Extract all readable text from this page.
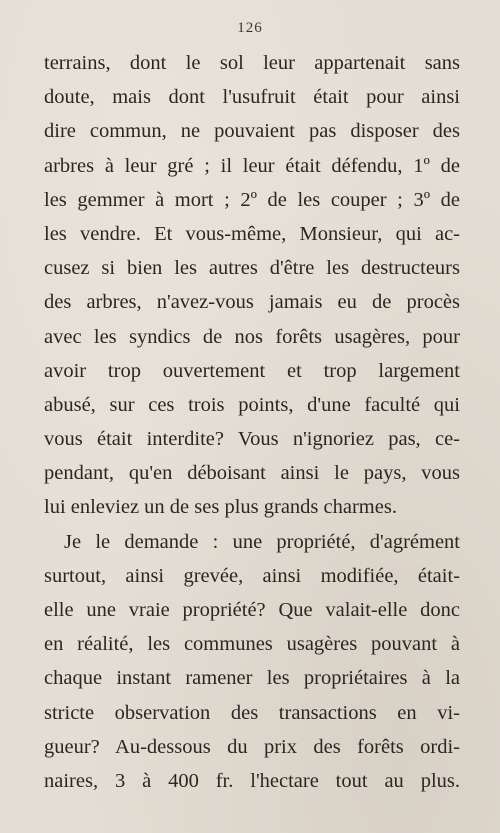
126
terrains, dont le sol leur appartenait sans
doute, mais dont l'usufruit était pour ainsi
dire commun, ne pouvaient pas disposer des
arbres à leur gré ; il leur était défendu, 1º de
les gemmer à mort ; 2º de les couper ; 3º de
les vendre. Et vous-même, Monsieur, qui ac-
cusez si bien les autres d'être les destructeurs
des arbres, n'avez-vous jamais eu de procès
avec les syndics de nos forêts usagères, pour
avoir trop ouvertement et trop largement
abusé, sur ces trois points, d'une faculté qui
vous était interdite? Vous n'ignoriez pas, ce-
pendant, qu'en déboisant ainsi le pays, vous
lui enleviez un de ses plus grands charmes.
Je le demande : une propriété, d'agrément
surtout, ainsi grevée, ainsi modifiée, était-
elle une vraie propriété? Que valait-elle donc
en réalité, les communes usagères pouvant à
chaque instant ramener les propriétaires à la
stricte observation des transactions en vi-
gueur? Au-dessous du prix des forêts ordi-
naires, 3 à 400 fr. l'hectare tout au plus.
